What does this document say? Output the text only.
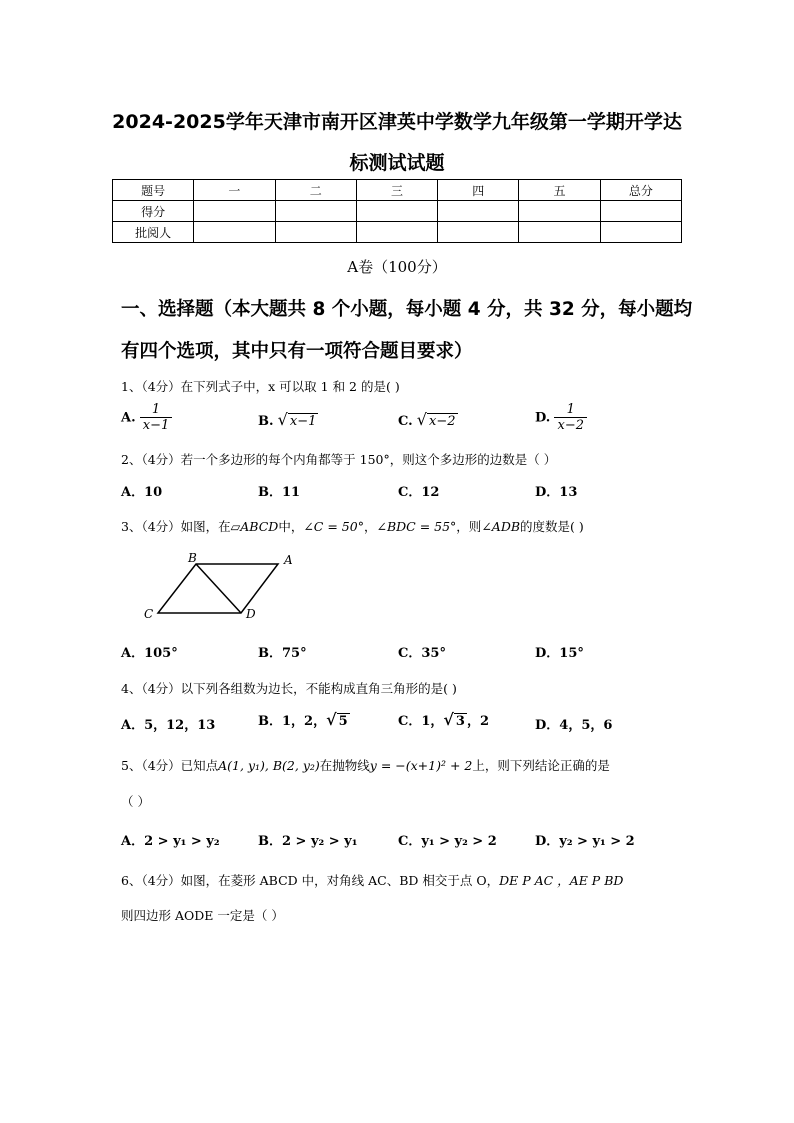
2024-2025学年天津市南开区津英中学数学九年级第一学期开学达
标测试试题
题号	一	二	三	四	五	总分
得分						
批阅人						
A卷（100分）
一、选择题（本大题共 8 个小题，每小题 4 分，共 32 分，每小题均
有四个选项，其中只有一项符合题目要求）
1、（4分）在下列式子中，x 可以取 1 和 2 的是( )
A. $\frac{1}{x-1}$	B. √ x−1	C. √ x−2	D. $\frac{1}{x-2}$
2、（4分）若一个多边形的每个内角都等于 150°，则这个多边形的边数是（ ）
A．10	B．11	C．12	D．13
3、（4分）如图，在▱ABCD中，∠C = 50°，∠BDC = 55°，则∠ADB的度数是( )
B	A
C	D
A．105°	B．75°	C．35°	D．15°
4、（4分）以下列各组数为边长，不能构成直角三角形的是( )
A．5，12，13	B．1，2，√ 5	C．1，√ 3 ，2	D．4，5，6
5、（4分）已知点A(1, y₁), B(2, y₂)在抛物线y = −(x+1)² + 2上，则下列结论正确的是
（ ）
A．2 > y₁ > y₂	B．2 > y₂ > y₁	C．y₁ > y₂ > 2	D．y₂ > y₁ > 2
6、（4分）如图，在菱形 ABCD 中，对角线 AC、BD 相交于点 O，DE P AC ，AE P BD
则四边形 AODE 一定是（ ）
